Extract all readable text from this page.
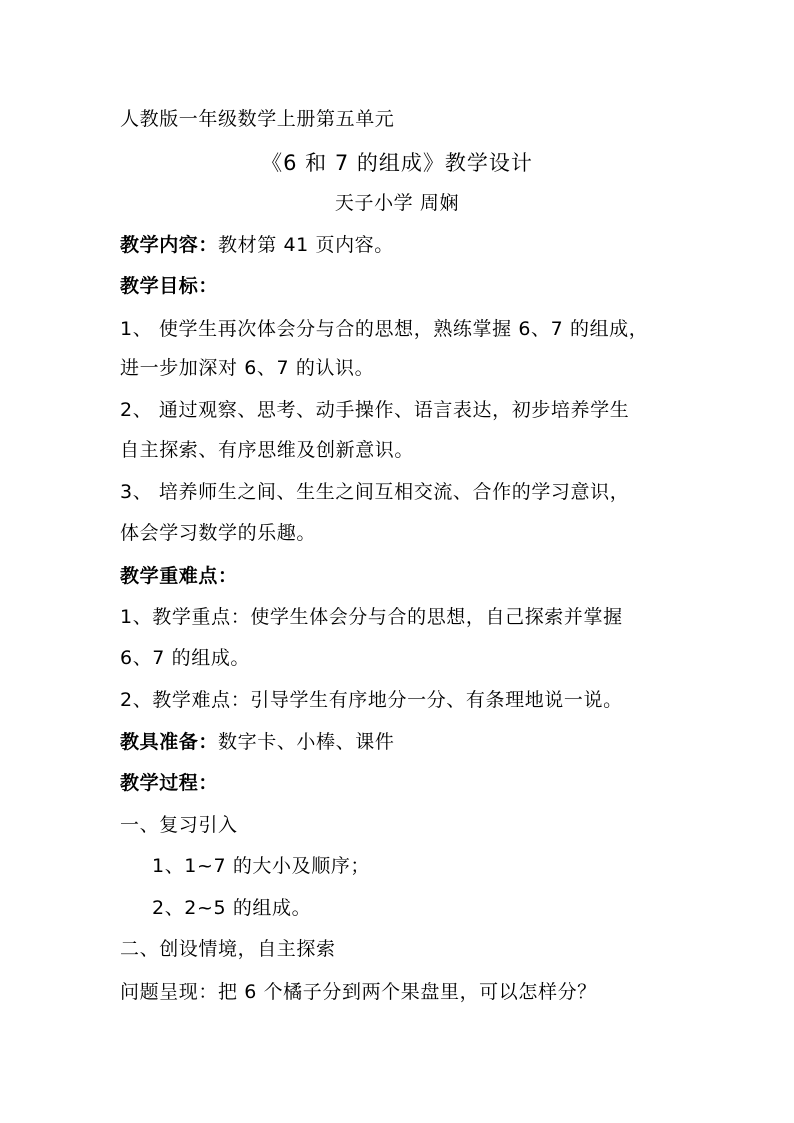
人教版一年级数学上册第五单元
《6 和 7 的组成》教学设计
天子小学 周娴
教学内容：教材第 41 页内容。
教学目标：
1、 使学生再次体会分与合的思想，熟练掌握 6、7 的组成，
进一步加深对 6、7 的认识。
2、 通过观察、思考、动手操作、语言表达，初步培养学生
自主探索、有序思维及创新意识。
3、 培养师生之间、生生之间互相交流、合作的学习意识，
体会学习数学的乐趣。
教学重难点：
1、教学重点：使学生体会分与合的思想，自己探索并掌握
6、7 的组成。
2、教学难点：引导学生有序地分一分、有条理地说一说。
教具准备：数字卡、小棒、课件
教学过程：
一、复习引入
1、1~7 的大小及顺序；
2、2~5 的组成。
二、创设情境，自主探索
问题呈现：把 6 个橘子分到两个果盘里，可以怎样分？
